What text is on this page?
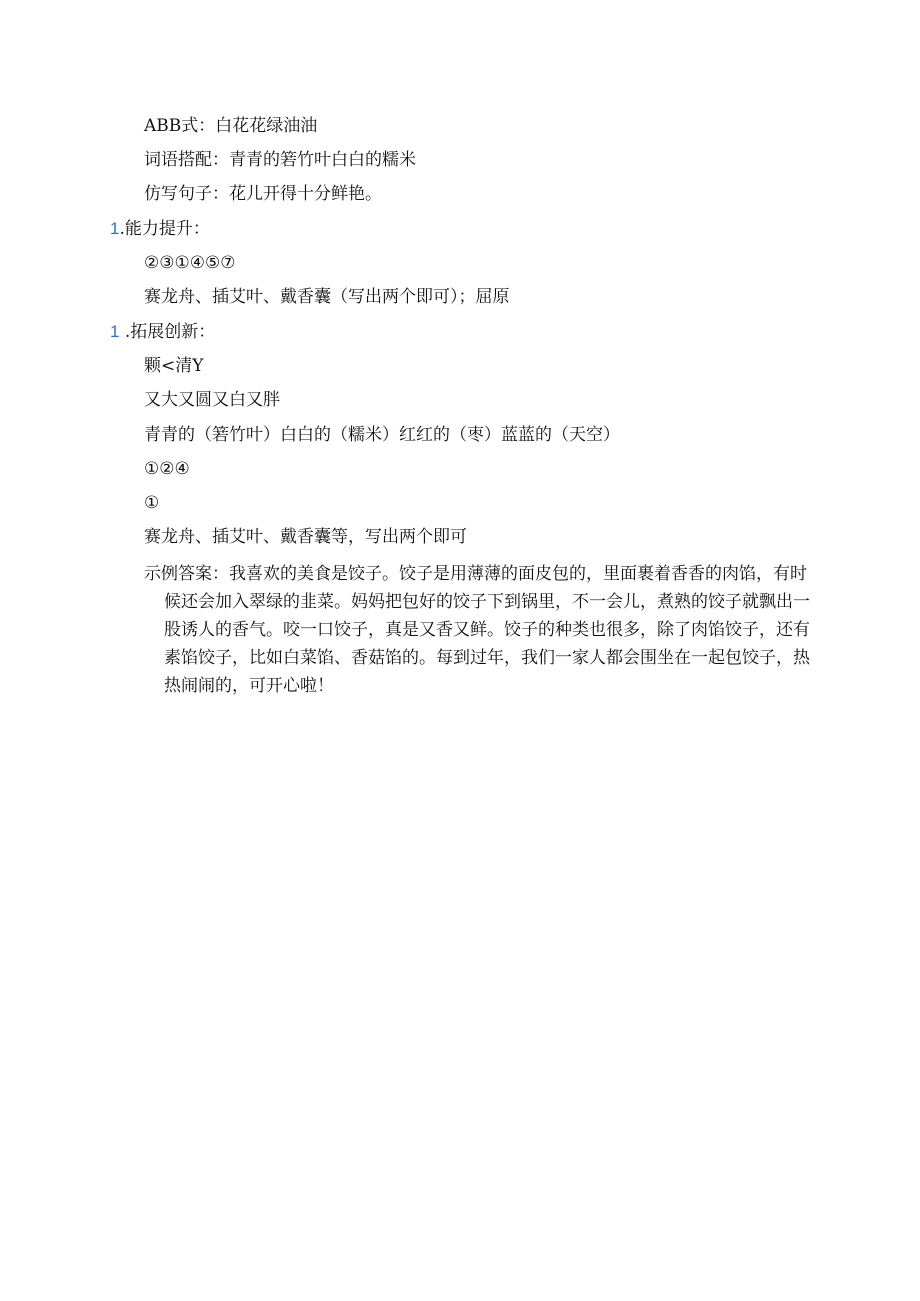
ABB式：白花花绿油油
词语搭配：青青的箬竹叶白白的糯米
仿写句子：花儿开得十分鲜艳。
1.能力提升：
②③①④⑤⑦
赛龙舟、插艾叶、戴香囊（写出两个即可）；屈原
1 .拓展创新：
颗<清Y
又大又圆又白又胖
青青的（箬竹叶）白白的（糯米）红红的（枣）蓝蓝的（天空）
①②④
①
赛龙舟、插艾叶、戴香囊等，写出两个即可
示例答案：我喜欢的美食是饺子。饺子是用薄薄的面皮包的，里面裹着香香的肉馅，有时
候还会加入翠绿的韭菜。妈妈把包好的饺子下到锅里，不一会儿，煮熟的饺子就飘出一
股诱人的香气。咬一口饺子，真是又香又鲜。饺子的种类也很多，除了肉馅饺子，还有
素馅饺子，比如白菜馅、香菇馅的。每到过年，我们一家人都会围坐在一起包饺子，热
热闹闹的，可开心啦！
